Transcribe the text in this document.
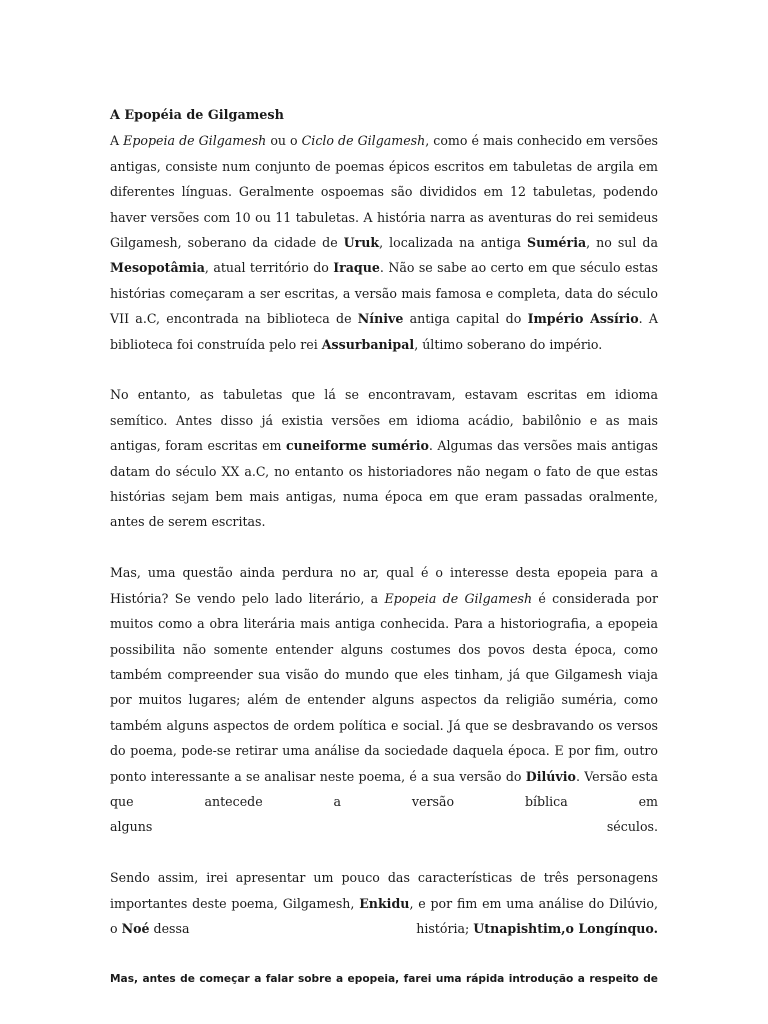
A Epopéia de Gilgamesh

A Epopeia de Gilgamesh ou o Ciclo de Gilgamesh, como é mais conhecido em versões antigas, consiste num conjunto de poemas épicos escritos em tabuletas de argila em diferentes línguas. Geralmente ospoemas são divididos em 12 tabuletas, podendo haver versões com 10 ou 11 tabuletas. A história narra as aventuras do rei semideus Gilgamesh, soberano da cidade de Uruk, localizada na antiga Suméria, no sul da Mesopotâmia, atual território do Iraque. Não se sabe ao certo em que século estas histórias começaram a ser escritas, a versão mais famosa e completa, data do século VII a.C, encontrada na biblioteca de Nínive antiga capital do Império Assírio. A biblioteca foi construída pelo rei Assurbanipal, último soberano do império.

No entanto, as tabuletas que lá se encontravam, estavam escritas em idioma semítico. Antes disso já existia versões em idioma acádio, babilônio e as mais antigas, foram escritas em cuneiforme sumério. Algumas das versões mais antigas datam do século XX a.C, no entanto os historiadores não negam o fato de que estas histórias sejam bem mais antigas, numa época em que eram passadas oralmente, antes de serem escritas.

Mas, uma questão ainda perdura no ar, qual é o interesse desta epopeia para a História? Se vendo pelo lado literário, a Epopeia de Gilgamesh é considerada por muitos como a obra literária mais antiga conhecida. Para a historiografia, a epopeia possibilita não somente entender alguns costumes dos povos desta época, como também compreender sua visão do mundo que eles tinham, já que Gilgamesh viaja por muitos lugares; além de entender alguns aspectos da religião suméria, como também alguns aspectos de ordem política e social. Já que se desbravando os versos do poema, pode-se retirar uma análise da sociedade daquela época. E por fim, outro ponto interessante a se analisar neste poema, é a sua versão do Dilúvio. Versão esta que antecede a versão bíblica em
alguns	séculos.
Sendo assim, irei apresentar um pouco das características de três personagens importantes deste poema, Gilgamesh, Enkidu, e por fim em uma análise do Dilúvio,
o Noé dessa	história; Utnapishtim,o Longínquo.

Mas, antes de começar a falar sobre a epopeia, farei uma rápida introdução a respeito de
